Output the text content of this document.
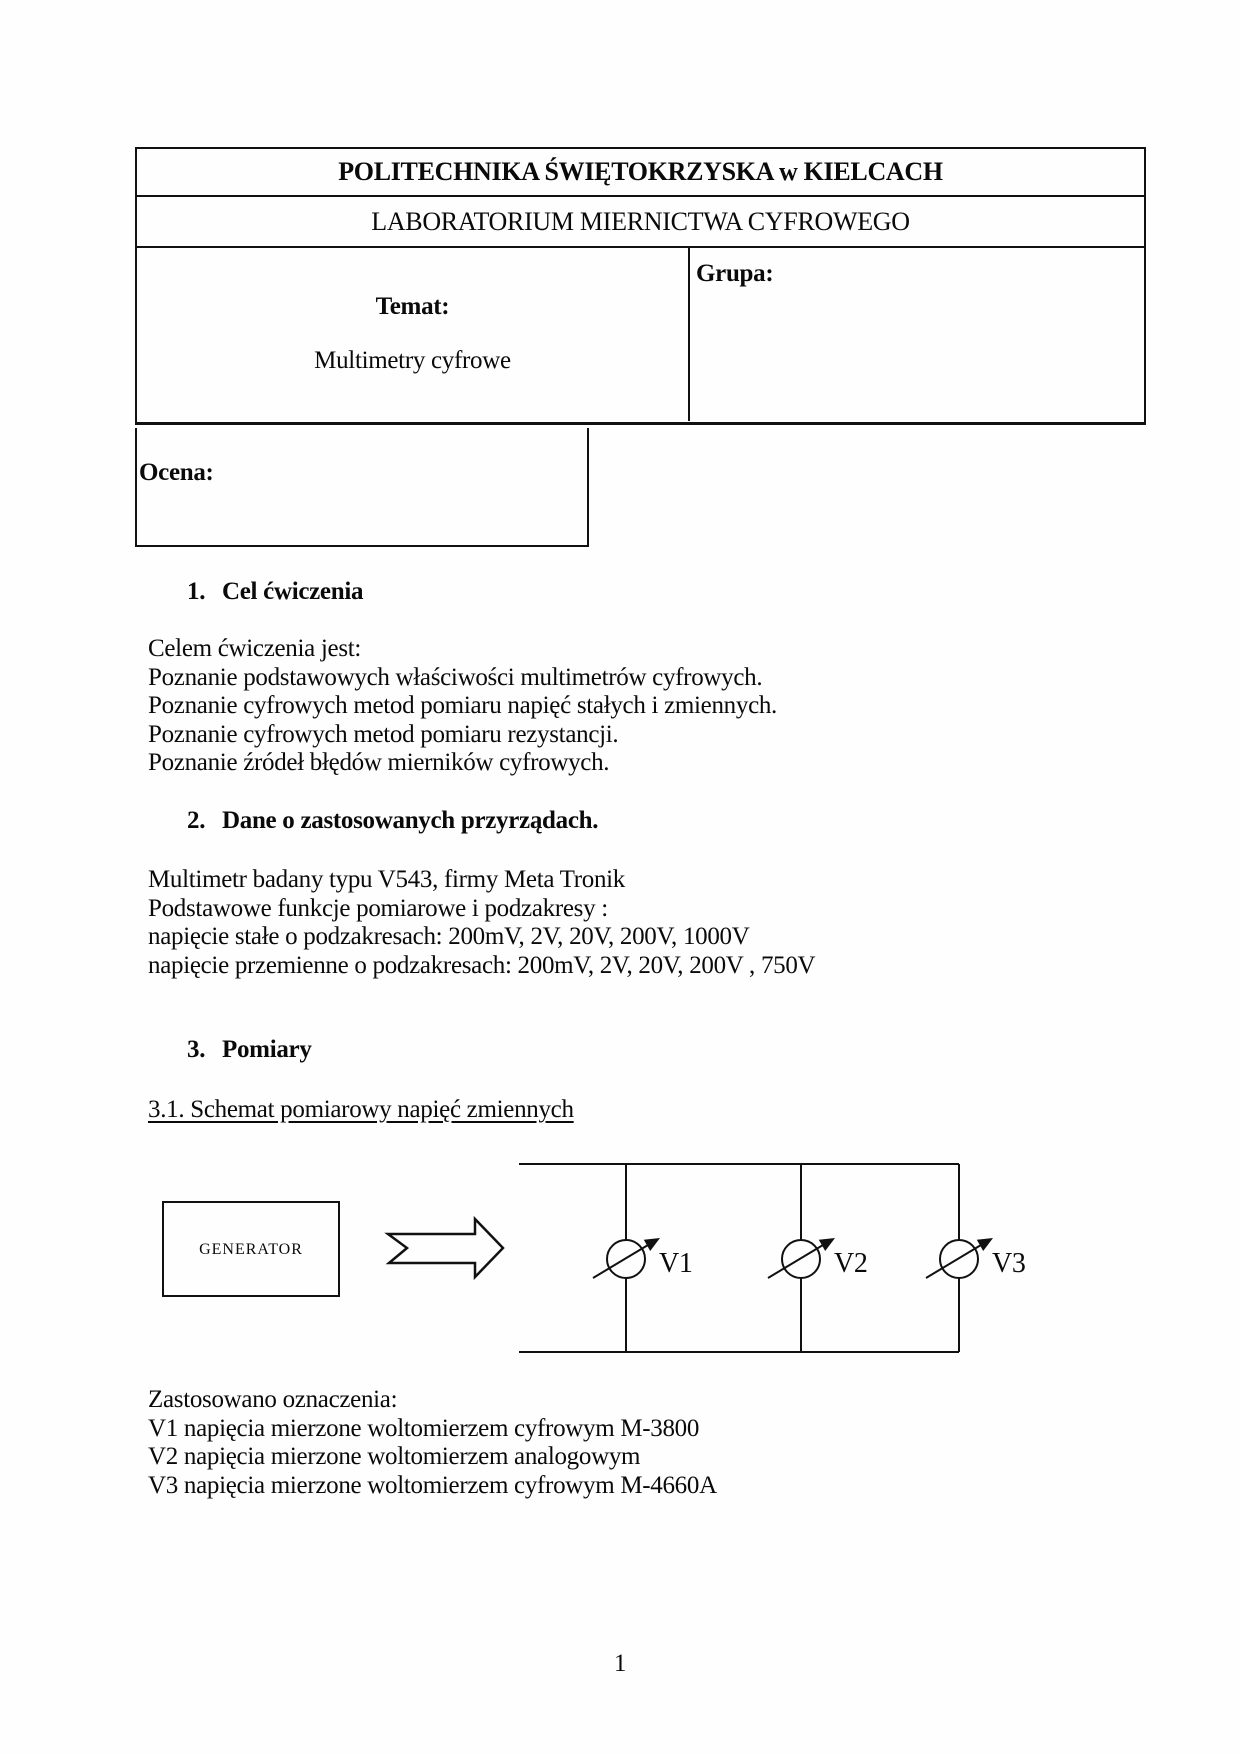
POLITECHNIKA ŚWIĘTOKRZYSKA w KIELCACH
LABORATORIUM MIERNICTWA CYFROWEGO
Temat:
Multimetry cyfrowe
Grupa:
Ocena:
1. Cel ćwiczenia
Celem ćwiczenia jest:
Poznanie podstawowych właściwości multimetrów cyfrowych.
Poznanie cyfrowych metod pomiaru napięć stałych i zmiennych.
Poznanie cyfrowych metod pomiaru rezystancji.
Poznanie źródeł błędów mierników cyfrowych.
2. Dane o zastosowanych przyrządach.
Multimetr badany typu V543, firmy Meta Tronik
Podstawowe funkcje pomiarowe i podzakresy :
napięcie stałe o podzakresach: 200mV, 2V, 20V, 200V, 1000V
napięcie przemienne o podzakresach: 200mV, 2V, 20V, 200V , 750V
3. Pomiary
3.1. Schemat pomiarowy napięć zmiennych
GENERATOR	V1	V2	V3
Zastosowano oznaczenia:
V1 napięcia mierzone woltomierzem cyfrowym M-3800
V2 napięcia mierzone woltomierzem analogowym
V3 napięcia mierzone woltomierzem cyfrowym M-4660A
1
